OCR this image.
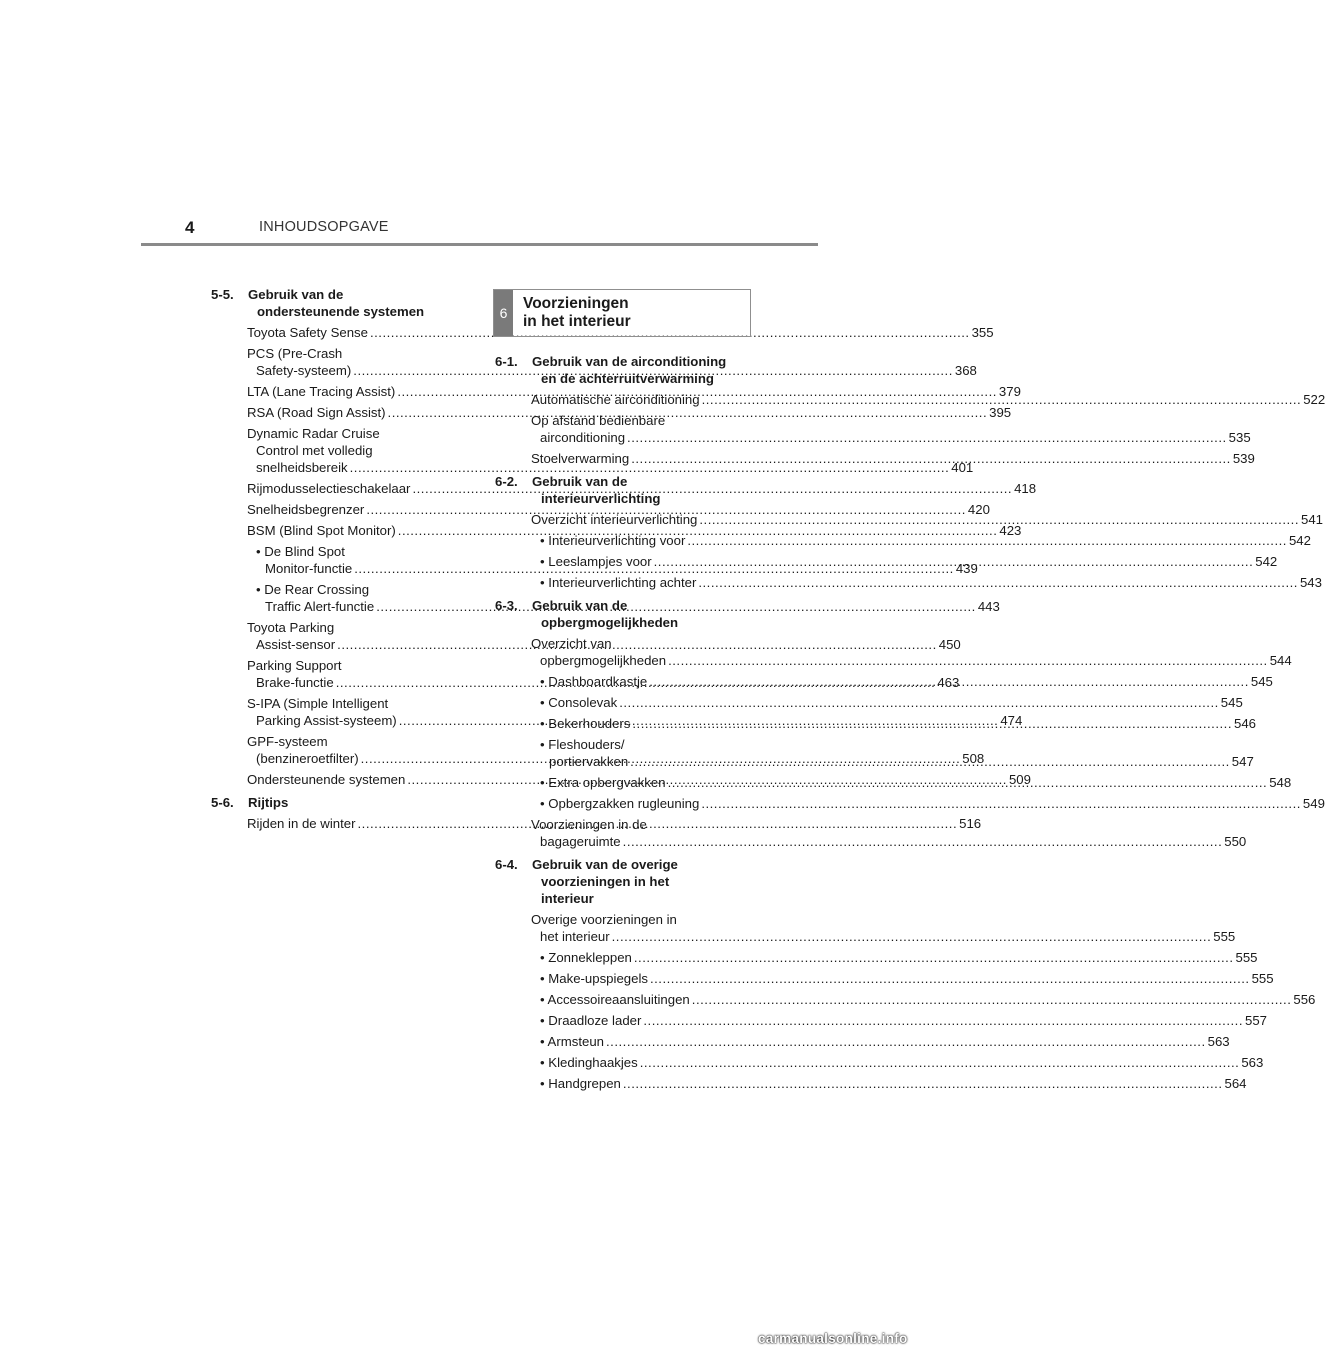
4	INHOUDSOPGAVE
5-5. Gebruik van de
ondersteunende systemen
Toyota Safety Sense .....	355
PCS (Pre-Crash
Safety-systeem) .....	368
LTA (Lane Tracing Assist) .....	379
RSA (Road Sign Assist) .....	395
Dynamic Radar Cruise
Control met volledig
snelheidsbereik .....	401
Rijmodusselectieschakelaar .....	418
Snelheidsbegrenzer .....	420
BSM (Blind Spot Monitor) .....	423
• De Blind Spot
Monitor-functie .....	439
• De Rear Crossing
Traffic Alert-functie .....	443
Toyota Parking
Assist-sensor .....	450
Parking Support
Brake-functie .....	463
S-IPA (Simple Intelligent
Parking Assist-systeem) .....	474
GPF-systeem
(benzineroetfilter) .....	508
Ondersteunende systemen .....	509
5-6. Rijtips
Rijden in de winter .....	516
6
Voorzieningen
in het interieur
6-1. Gebruik van de airconditioning
en de achterruitverwarming
Automatische airconditioning .....	522
Op afstand bedienbare
airconditioning .....	535
Stoelverwarming .....	539
6-2. Gebruik van de
interieurverlichting
Overzicht interieurverlichting .....	541
• Interieurverlichting voor .....	542
• Leeslampjes voor .....	542
• Interieurverlichting achter .....	543
6-3. Gebruik van de
opbergmogelijkheden
Overzicht van
opbergmogelijkheden .....	544
• Dashboardkastje .....	545
• Consolevak .....	545
• Bekerhouders .....	546
• Fleshouders/
portiervakken .....	547
• Extra opbergvakken .....	548
• Opbergzakken rugleuning .....	549
Voorzieningen in de
bagageruimte .....	550
6-4. Gebruik van de overige
voorzieningen in het
interieur
Overige voorzieningen in
het interieur .....	555
• Zonnekleppen .....	555
• Make-upspiegels .....	555
• Accessoireaansluitingen .....	556
• Draadloze lader .....	557
• Armsteun .....	563
• Kledinghaakjes .....	563
• Handgrepen .....	564
carmanualsonline.info
